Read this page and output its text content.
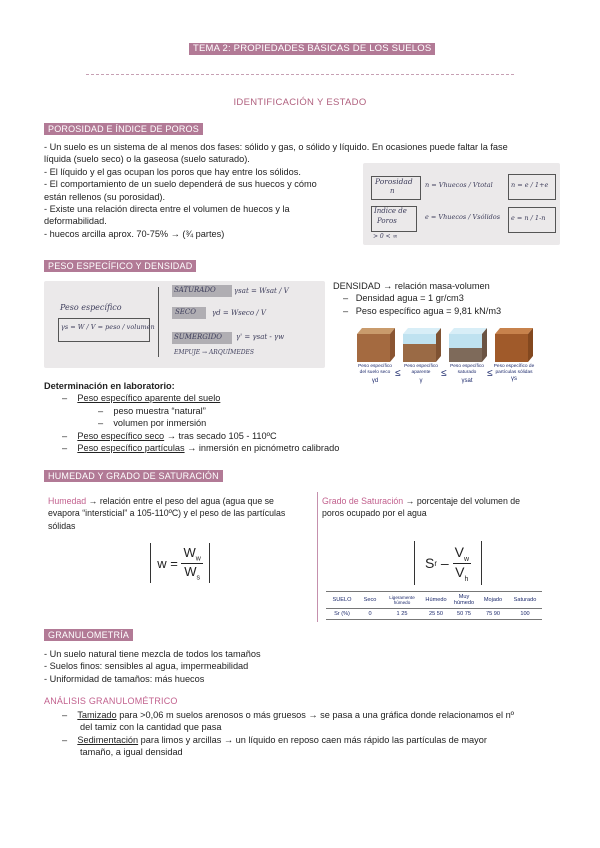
TEMA 2: PROPIEDADES BÁSICAS DE LOS SUELOS
IDENTIFICACIÓN Y ESTADO
POROSIDAD E ÍNDICE DE POROS
- Un suelo es un sistema de al menos dos fases: sólido y gas, o sólido y líquido. En ocasiones puede faltar la fase
líquida (suelo seco) o la gaseosa (suelo saturado).
- El líquido y el gas ocupan los poros que hay entre los sólidos.
- El comportamiento de un suelo dependerá de sus huecos y cómo
están rellenos (su porosidad).
- Existe una relación directa entre el volumen de huecos y la
deformabilidad.
- huecos arcilla aprox. 70-75% → (¾ partes)
Porosidad
n
n = Vhuecos / Vtotal	n = e / 1+e
Índice de
Poros	e = Vhuecos / Vsólidos e = n / 1-n
> 0 < ∞
PESO ESPECÍFICO Y DENSIDAD
Peso específico
γs = W / V = peso / volumen
SATURADO	γsat = Wsat / V
SECO γd = Wseco / V
SUMERGIDO γ' = γsat - γw
EMPUJE → ARQUÍMEDES
DENSIDAD → relación masa-volumen
–   Densidad agua = 1 gr/cm3
–   Peso específico agua = 9,81 kN/m3
Peso específico del suelo seco
γd
≤
Peso específico aparente
γ
≤
Peso específico saturado
γsat
≤
Peso específico de partículas sólidas
γs
Determinación en laboratorio:
–    Peso específico aparente del suelo
–    peso muestra “natural”
–    volumen por inmersión
–    Peso específico seco → tras secado 105 - 110ºC
–    Peso específico partículas → inmersión en picnómetro calibrado
HUMEDAD Y GRADO DE SATURACIÓN
Humedad → relación entre el peso del agua (agua que se
evapora “intersticial” a 105-110ºC) y el peso de las partículas
sólidas
Grado de Saturación → porcentaje del volumen de
poros ocupado por el agua
$w = \frac{W_w}{W_s}$	S r – $\frac{V_w}{V_h}$
SUELO	Seco	Ligeramente húmedo	Húmedo	Muy húmedo	Mojado	Saturado
Sr (%)	0	1 25	25 50	50 75	75 90	100
GRANULOMETRÍA
- Un suelo natural tiene mezcla de todos los tamaños
- Suelos finos: sensibles al agua, impermeabilidad
- Uniformidad de tamaños: más huecos
ANÁLISIS GRANULOMÉTRICO
–    Tamizado para >0,06 m suelos arenosos o más gruesos → se pasa a una gráfica donde relacionamos el nº
del tamiz con la cantidad que pasa
–    Sedimentación para limos y arcillas → un líquido en reposo caen más rápido las partículas de mayor
tamaño, a igual densidad
